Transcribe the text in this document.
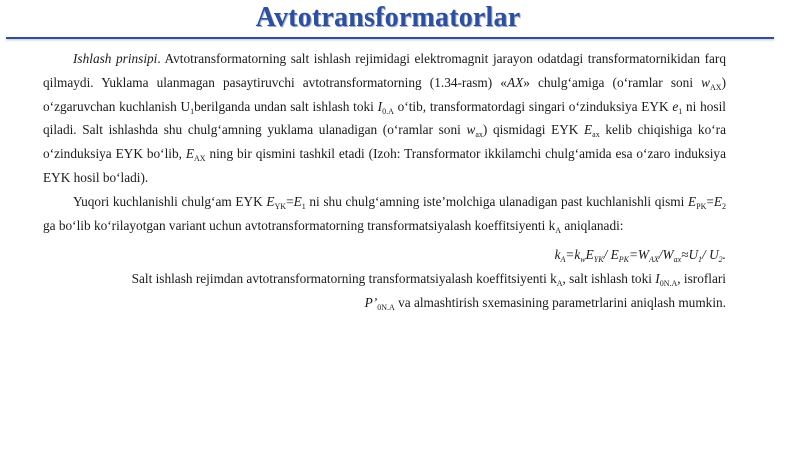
Avtotransformatorlar

Ishlash prinsipi. Avtotransformatorning salt ishlash rejimidagi elektromagnit jarayon odatdagi transformatornikidan farq qilmaydi. Yuklama ulanmagan pasaytiruvchi avtotransformatorning (1.34-rasm) «AX» chulg‘amiga (o‘ramlar soni $w_{AX}$) o‘zgaruvchan kuchlanish $U_1berilganda$ undan salt ishlash toki $I_{0.A}$ o‘tib, transformatordagi singari o‘zinduksiya EYK $e_1$ ni hosil qiladi. Salt ishlashda shu chulg‘amning yuklama ulanadigan (o‘ramlar soni $w_{ax}$) qismidagi EYK $E_{ax}$ kelib chiqishiga ko‘ra o‘zinduksiya EYK bo‘lib, $E_{AX}$ ning bir qismini tashkil etadi (Izoh: Transformator ikkilamchi chulg‘amida esa o‘zaro induksiya EYK hosil bo‘ladi).

Yuqori kuchlanishli chulg‘am EYK $E_{YK}=E_1$ ni shu chulg‘amning iste’molchiga ulanadigan past kuchlanishli qismi $E_{PK}=E_2$ ga bo‘lib ko‘rilayotgan variant uchun avtotransformatorning transformatsiyalash koeffitsiyenti $k_A$ aniqlanadi:

$k_A=k_wE_{YK}/$ $E_{PK}=W_{AX}/W_{ax}\approx U_1/$ $U_2$.

Salt ishlash rejimdan avtotransformatorning transformatsiyalash koeffitsiyenti $k_A$, salt ishlash toki $I_{0N.A}$, isroflari

$P’_{0N.A}$ va almashtirish sxemasining parametrlarini aniqlash mumkin.
